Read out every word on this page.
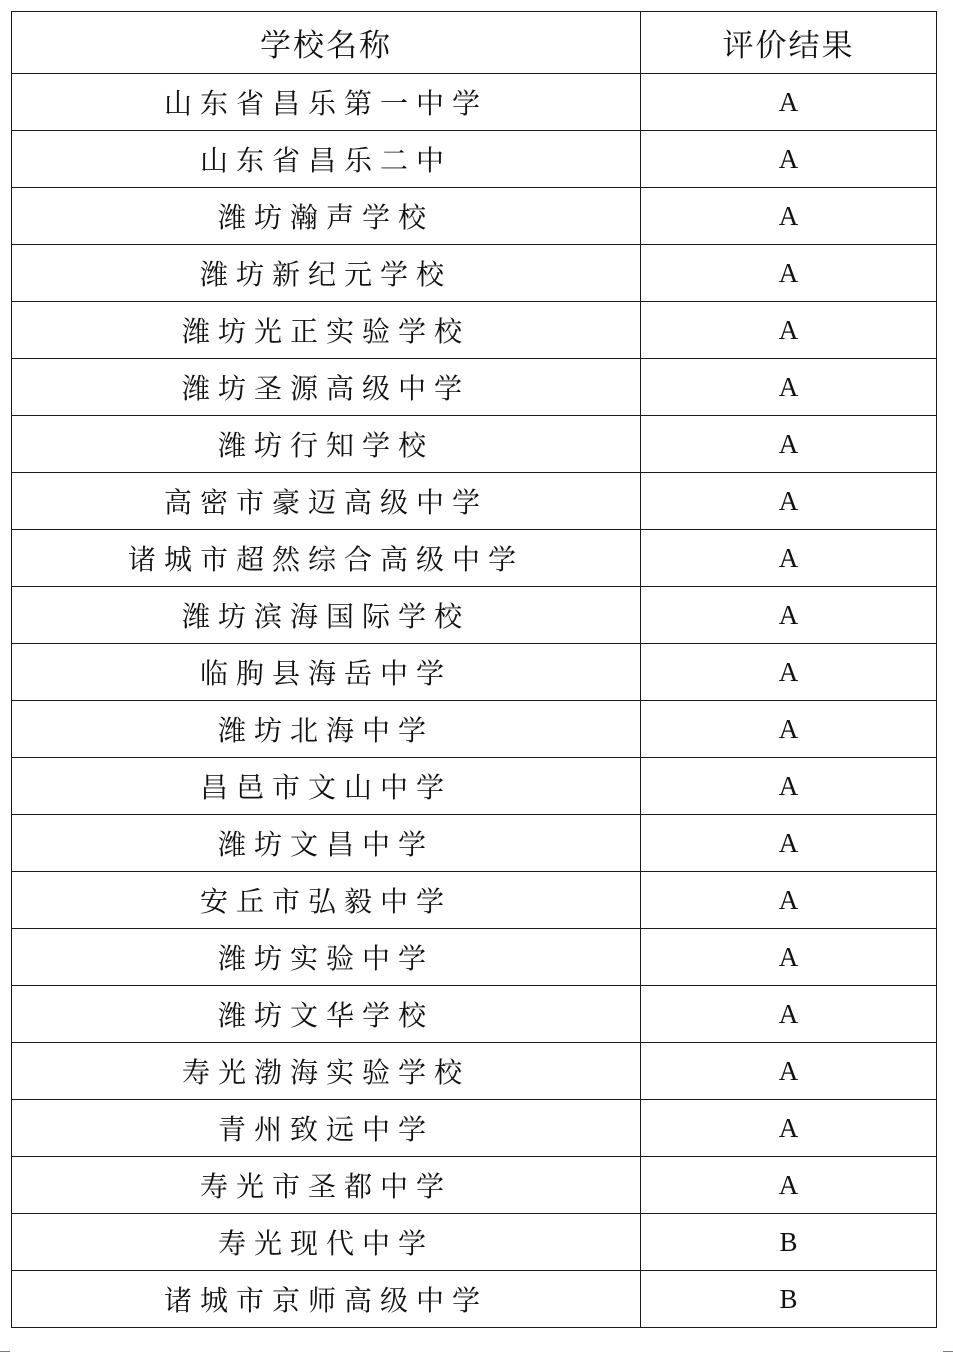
学校名称	评价结果
山东省昌乐第一中学	A
山东省昌乐二中	A
潍坊瀚声学校	A
潍坊新纪元学校	A
潍坊光正实验学校	A
潍坊圣源高级中学	A
潍坊行知学校	A
高密市豪迈高级中学	A
诸城市超然综合高级中学	A
潍坊滨海国际学校	A
临朐县海岳中学	A
潍坊北海中学	A
昌邑市文山中学	A
潍坊文昌中学	A
安丘市弘毅中学	A
潍坊实验中学	A
潍坊文华学校	A
寿光渤海实验学校	A
青州致远中学	A
寿光市圣都中学	A
寿光现代中学	B
诸城市京师高级中学	B
